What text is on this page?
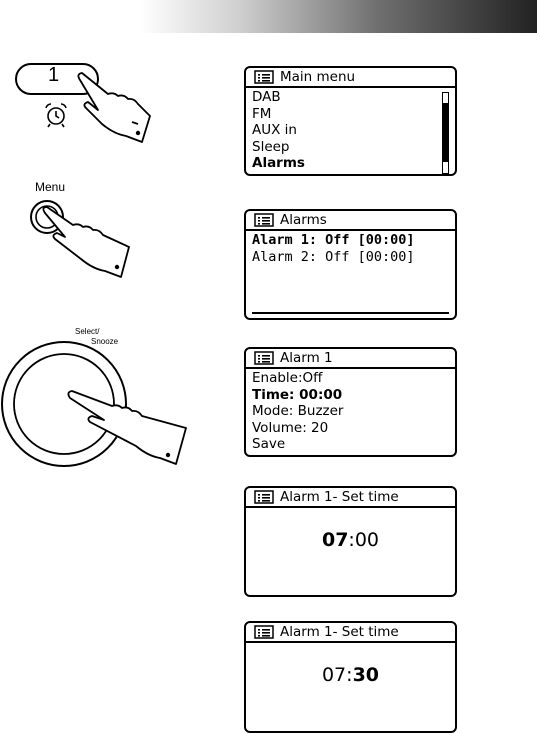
1
Menu
Select/
Snooze
Main menu
DAB
FM
AUX in
Sleep
Alarms
Alarms
Alarm 1: Off [00:00]
Alarm 2: Off [00:00]
Alarm 1
Enable:Off
Time: 00:00
Mode: Buzzer
Volume: 20
Save
Alarm 1- Set time
07:00
Alarm 1- Set time
07:30
